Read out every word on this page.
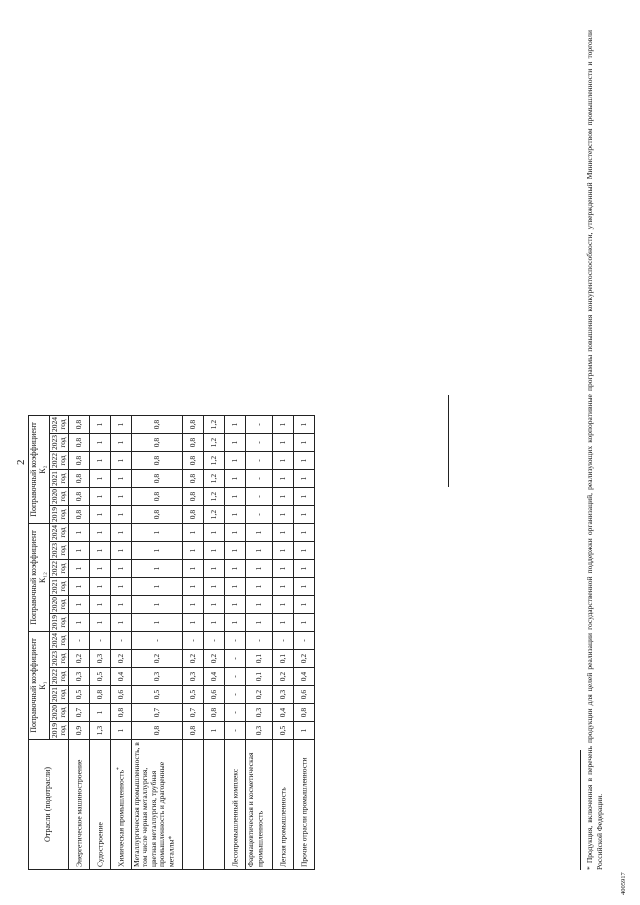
2
Отрасли (подотрасли)	Поправочный коэффициент К₁						Поправочный коэффициент К₁₂						Поправочный коэффициент К₂					

	2019 год	2020 год	2021 год	2022 год	2023 год	2024 год	2019 год	2020 год	2021 год	2022 год	2023 год	2024 год	2019 год	2020 год	2021 год	2022 год	2023 год	2024 год

Энергетическое машиностроение	0,9	0,7	0,5	0,3	0,2	-	1	1	1	1	1	1	0,8	0,8	0,8	0,8	0,8	0,8
Судостроение	1,3	1	0,8	0,5	0,3	-	1	1	1	1	1	1	1	1	1	1	1	1
Химическая промышленность*	1	0,8	0,6	0,4	0,2	-	1	1	1	1	1	1	1	1	1	1	1	1
Металлургическая промышленность, в том числе черная металлургия, цветная металлургия, трубная промышленность и драгоценные металлы*	0,8	0,7	0,5	0,3	0,2	-	1	1	1	1	1	1	0,8	0,8	0,8	0,8	0,8	0,8
	0,8	0,7	0,5	0,3	0,2	-	1	1	1	1	1	1	0,8	0,8	0,8	0,8	0,8	0,8
	1	0,8	0,6	0,4	0,2	-	1	1	1	1	1	1	1,2	1,2	1,2	1,2	1,2	1,2
Лесопромышленный комплекс	-	-	-	-	-	-	1	1	1	1	1	1	1	1	1	1	1	1
Фармацевтическая и косметическая промышленность	0,3	0,3	0,2	0,1	0,1	-	1	1	1	1	1	1	-	-	-	-	-	-
Легкая промышленность	0,5	0,4	0,3	0,2	0,1	-	1	1	1	1	1	1	1	1	1	1	1	1
Прочие отрасли промышленности	1	0,8	0,6	0,4	0,2	-	1	1	1	1	1	1	1	1	1	1	1	1	* Продукция, включенная в перечень продукции для целей реализации государственной поддержки организаций, реализующих корпоративные программы повышения конкурентоспособности, утвержденный Министерством промышленности и торговли Российской Федерации.
4005917
